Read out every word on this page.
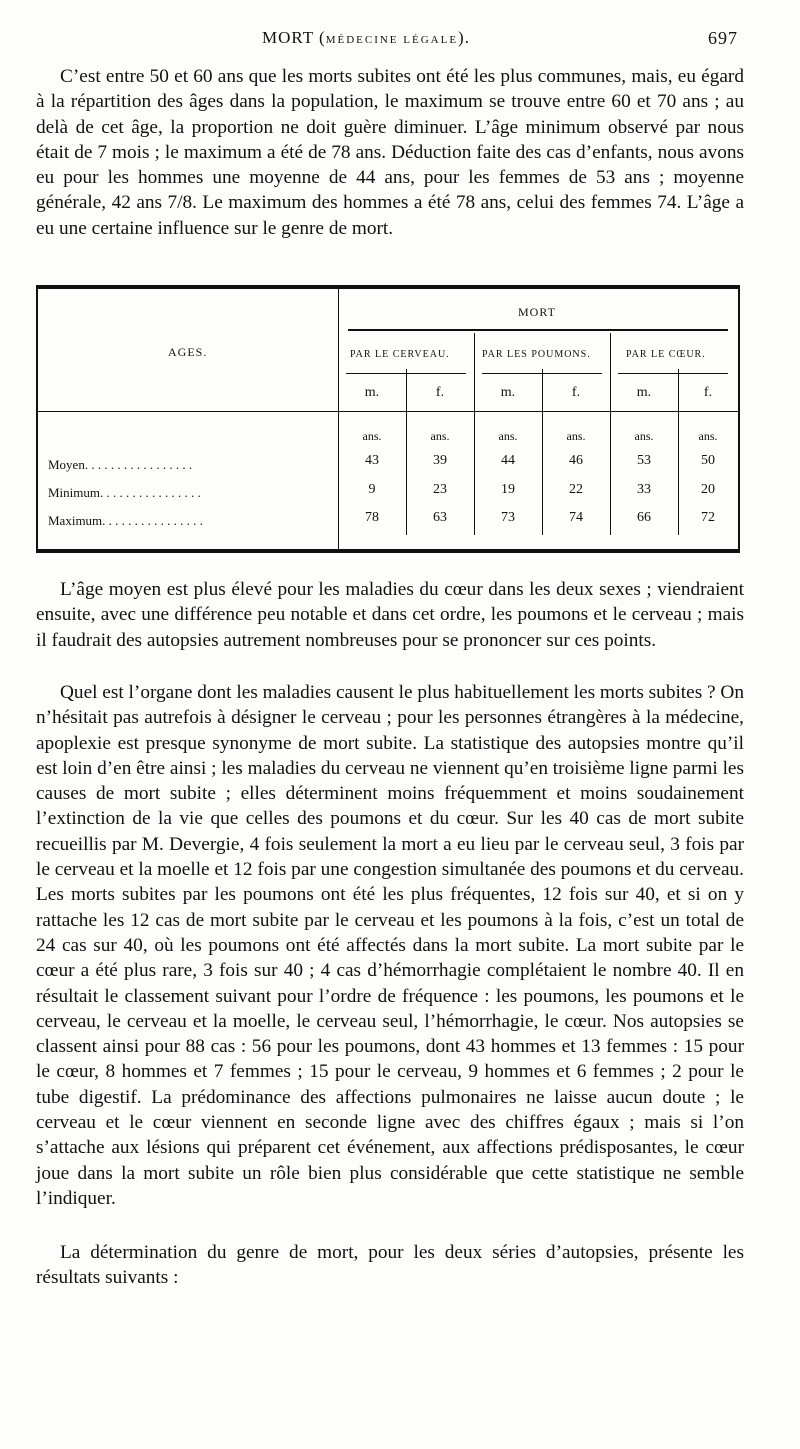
MORT (MÉDECINE LÉGALE).	697

C’est entre 50 et 60 ans que les morts subites ont été les plus communes, mais, eu égard à la répartition des âges dans la population, le maximum se trouve entre 60 et 70 ans ; au delà de cet âge, la proportion ne doit guère diminuer. L’âge minimum observé par nous était de 7 mois ; le maximum a été de 78 ans. Déduction faite des cas d’enfants, nous avons eu pour les hommes une moyenne de 44 ans, pour les femmes de 53 ans ; moyenne générale, 42 ans 7/8. Le maximum des hommes a été 78 ans, celui des femmes 74. L’âge a eu une certaine influence sur le genre de mort.

AGES.
MORT
PAR LE CERVEAU.	PAR LES POUMONS.	PAR LE CŒUR.
m.	f.	m.	f.	m.	f.
ans.	ans.	ans.	ans.	ans.	ans.
Moyen. . . . . . . . . . . . . . . . .	43	39	44	46	53	50
Minimum. . . . . . . . . . . . . . . .	9	23	19	22	33	20
Maximum. . . . . . . . . . . . . . . .	78	63	73	74	66	72

L’âge moyen est plus élevé pour les maladies du cœur dans les deux sexes ; viendraient ensuite, avec une différence peu notable et dans cet ordre, les poumons et le cerveau ; mais il faudrait des autopsies autrement nombreuses pour se prononcer sur ces points.

Quel est l’organe dont les maladies causent le plus habituellement les morts subites ? On n’hésitait pas autrefois à désigner le cerveau ; pour les personnes étrangères à la médecine, apoplexie est presque synonyme de mort subite. La statistique des autopsies montre qu’il est loin d’en être ainsi ; les maladies du cerveau ne viennent qu’en troisième ligne parmi les causes de mort subite ; elles déterminent moins fréquemment et moins soudainement l’extinction de la vie que celles des poumons et du cœur. Sur les 40 cas de mort subite recueillis par M. Devergie, 4 fois seulement la mort a eu lieu par le cerveau seul, 3 fois par le cerveau et la moelle et 12 fois par une congestion simultanée des poumons et du cerveau. Les morts subites par les poumons ont été les plus fréquentes, 12 fois sur 40, et si on y rattache les 12 cas de mort subite par le cerveau et les poumons à la fois, c’est un total de 24 cas sur 40, où les poumons ont été affectés dans la mort subite. La mort subite par le cœur a été plus rare, 3 fois sur 40 ; 4 cas d’hémorrhagie complétaient le nombre 40. Il en résultait le classement suivant pour l’ordre de fréquence : les poumons, les poumons et le cerveau, le cerveau et la moelle, le cerveau seul, l’hémorrhagie, le cœur. Nos autopsies se classent ainsi pour 88 cas : 56 pour les poumons, dont 43 hommes et 13 femmes : 15 pour le cœur, 8 hommes et 7 femmes ; 15 pour le cerveau, 9 hommes et 6 femmes ; 2 pour le tube digestif. La prédominance des affections pulmonaires ne laisse aucun doute ; le cerveau et le cœur viennent en seconde ligne avec des chiffres égaux ; mais si l’on s’attache aux lésions qui préparent cet événement, aux affections prédisposantes, le cœur joue dans la mort subite un rôle bien plus considérable que cette statistique ne semble l’indiquer.

La détermination du genre de mort, pour les deux séries d’autopsies, présente les résultats suivants :
